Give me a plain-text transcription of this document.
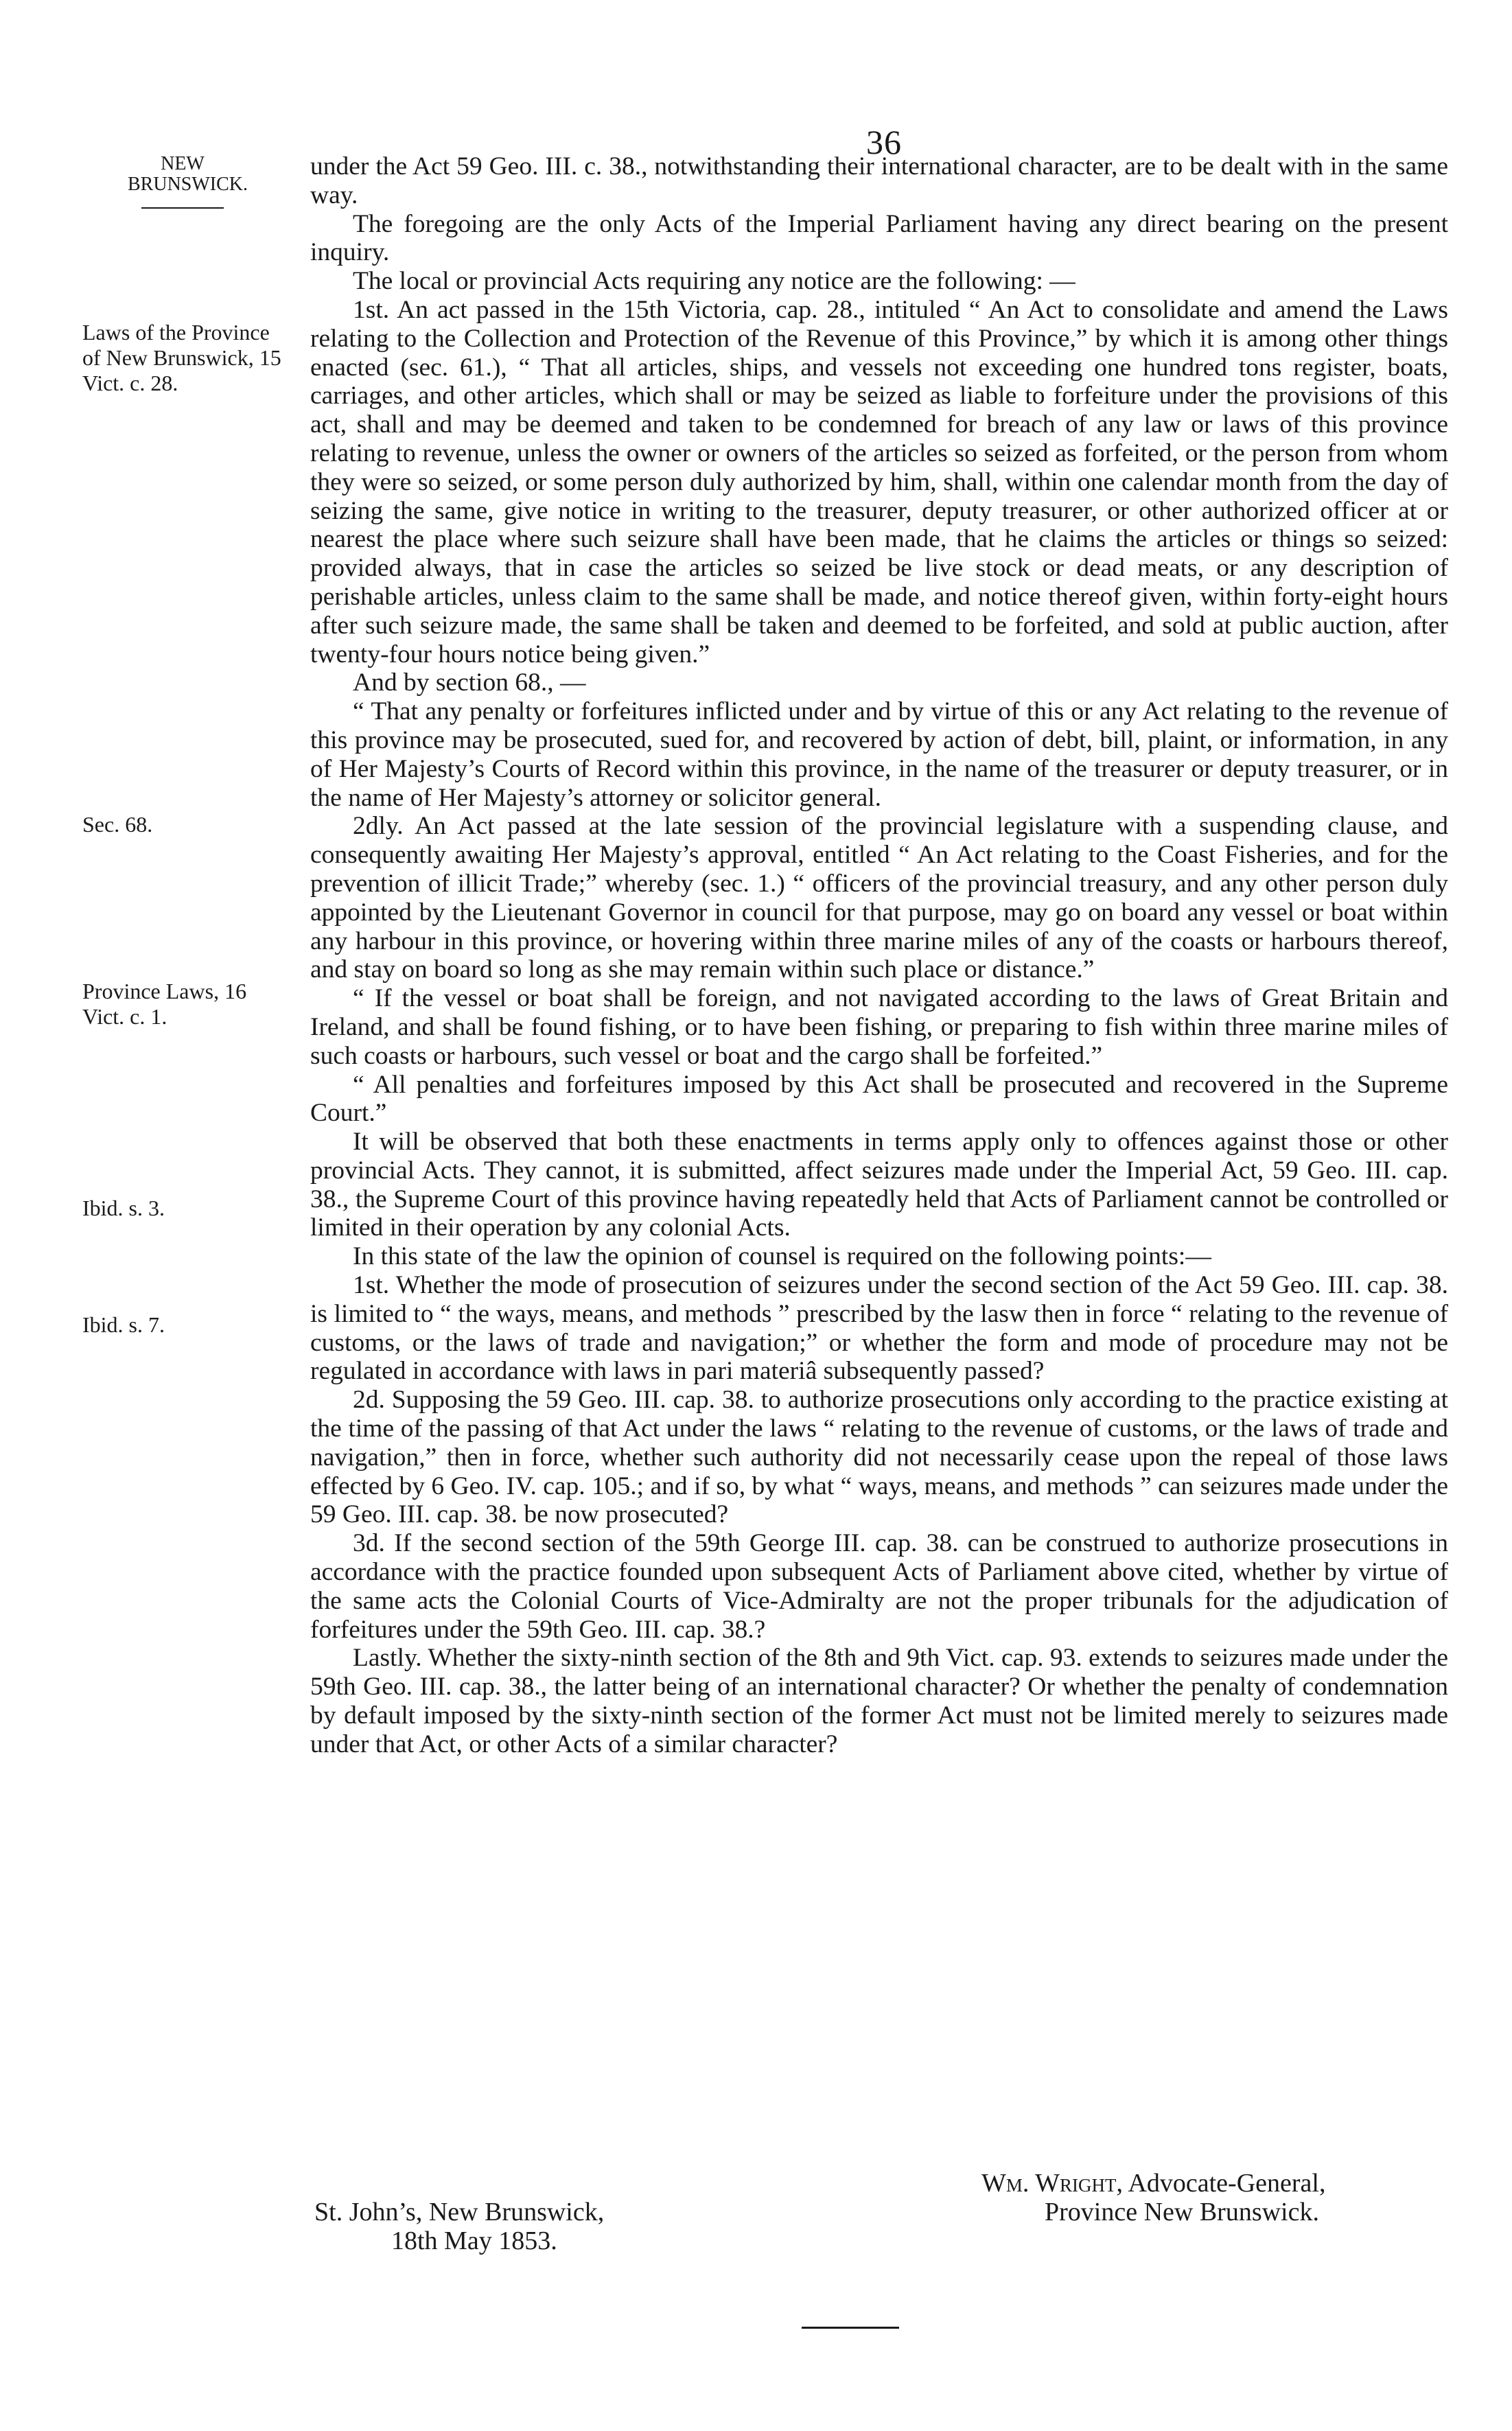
36
NEW BRUNSWICK.
Laws of the Province of New Brunswick, 15 Vict. c. 28.
Sec. 68.
Province Laws, 16 Vict. c. 1.
Ibid. s. 3.
Ibid. s. 7.

under the Act 59 Geo. III. c. 38., notwithstanding their international character, are to be dealt with in the same way.

The foregoing are the only Acts of the Imperial Parliament having any direct bearing on the present inquiry.

The local or provincial Acts requiring any notice are the following: —

1st. An act passed in the 15th Victoria, cap. 28., intituled “ An Act to consolidate and amend the Laws relating to the Collection and Protection of the Revenue of this Province,” by which it is among other things enacted (sec. 61.), “ That all articles, ships, and vessels not exceeding one hundred tons register, boats, carriages, and other articles, which shall or may be seized as liable to forfeiture under the provisions of this act, shall and may be deemed and taken to be condemned for breach of any law or laws of this province relating to revenue, unless the owner or owners of the articles so seized as forfeited, or the person from whom they were so seized, or some person duly authorized by him, shall, within one calendar month from the day of seizing the same, give notice in writing to the treasurer, deputy treasurer, or other authorized officer at or nearest the place where such seizure shall have been made, that he claims the articles or things so seized: provided always, that in case the articles so seized be live stock or dead meats, or any description of perishable articles, unless claim to the same shall be made, and notice thereof given, within forty-eight hours after such seizure made, the same shall be taken and deemed to be forfeited, and sold at public auction, after twenty-four hours notice being given.”

And by section 68., —

“ That any penalty or forfeitures inflicted under and by virtue of this or any Act relating to the revenue of this province may be prosecuted, sued for, and recovered by action of debt, bill, plaint, or information, in any of Her Majesty’s Courts of Record within this province, in the name of the treasurer or deputy treasurer, or in the name of Her Majesty’s attorney or solicitor general.

2dly. An Act passed at the late session of the provincial legislature with a suspending clause, and consequently awaiting Her Majesty’s approval, entitled “ An Act relating to the Coast Fisheries, and for the prevention of illicit Trade;” whereby (sec. 1.) “ officers of the provincial treasury, and any other person duly appointed by the Lieutenant Governor in council for that purpose, may go on board any vessel or boat within any harbour in this province, or hovering within three marine miles of any of the coasts or harbours thereof, and stay on board so long as she may remain within such place or distance.”

“ If the vessel or boat shall be foreign, and not navigated according to the laws of Great Britain and Ireland, and shall be found fishing, or to have been fishing, or preparing to fish within three marine miles of such coasts or harbours, such vessel or boat and the cargo shall be forfeited.”

“ All penalties and forfeitures imposed by this Act shall be prosecuted and recovered in the Supreme Court.”

It will be observed that both these enactments in terms apply only to offences against those or other provincial Acts. They cannot, it is submitted, affect seizures made under the Imperial Act, 59 Geo. III. cap. 38., the Supreme Court of this province having repeatedly held that Acts of Parliament cannot be controlled or limited in their operation by any colonial Acts.

In this state of the law the opinion of counsel is required on the following points:—

1st. Whether the mode of prosecution of seizures under the second section of the Act 59 Geo. III. cap. 38. is limited to “ the ways, means, and methods ” prescribed by the lasw then in force “ relating to the revenue of customs, or the laws of trade and navigation;” or whether the form and mode of procedure may not be regulated in accordance with laws in pari materiâ subsequently passed?

2d. Supposing the 59 Geo. III. cap. 38. to authorize prosecutions only according to the practice existing at the time of the passing of that Act under the laws “ relating to the revenue of customs, or the laws of trade and navigation,” then in force, whether such authority did not necessarily cease upon the repeal of those laws effected by 6 Geo. IV. cap. 105.; and if so, by what “ ways, means, and methods ” can seizures made under the 59 Geo. III. cap. 38. be now prosecuted?

3d. If the second section of the 59th George III. cap. 38. can be construed to authorize prosecutions in accordance with the practice founded upon subsequent Acts of Parliament above cited, whether by virtue of the same acts the Colonial Courts of Vice-Admiralty are not the proper tribunals for the adjudication of forfeitures under the 59th Geo. III. cap. 38.?

Lastly. Whether the sixty-ninth section of the 8th and 9th Vict. cap. 93. extends to seizures made under the 59th Geo. III. cap. 38., the latter being of an international character? Or whether the penalty of condemnation by default imposed by the sixty-ninth section of the former Act must not be limited merely to seizures made under that Act, or other Acts of a similar character?

Wm. Wright, Advocate-General,
Province New Brunswick.
St. John’s, New Brunswick,
18th May 1853.
